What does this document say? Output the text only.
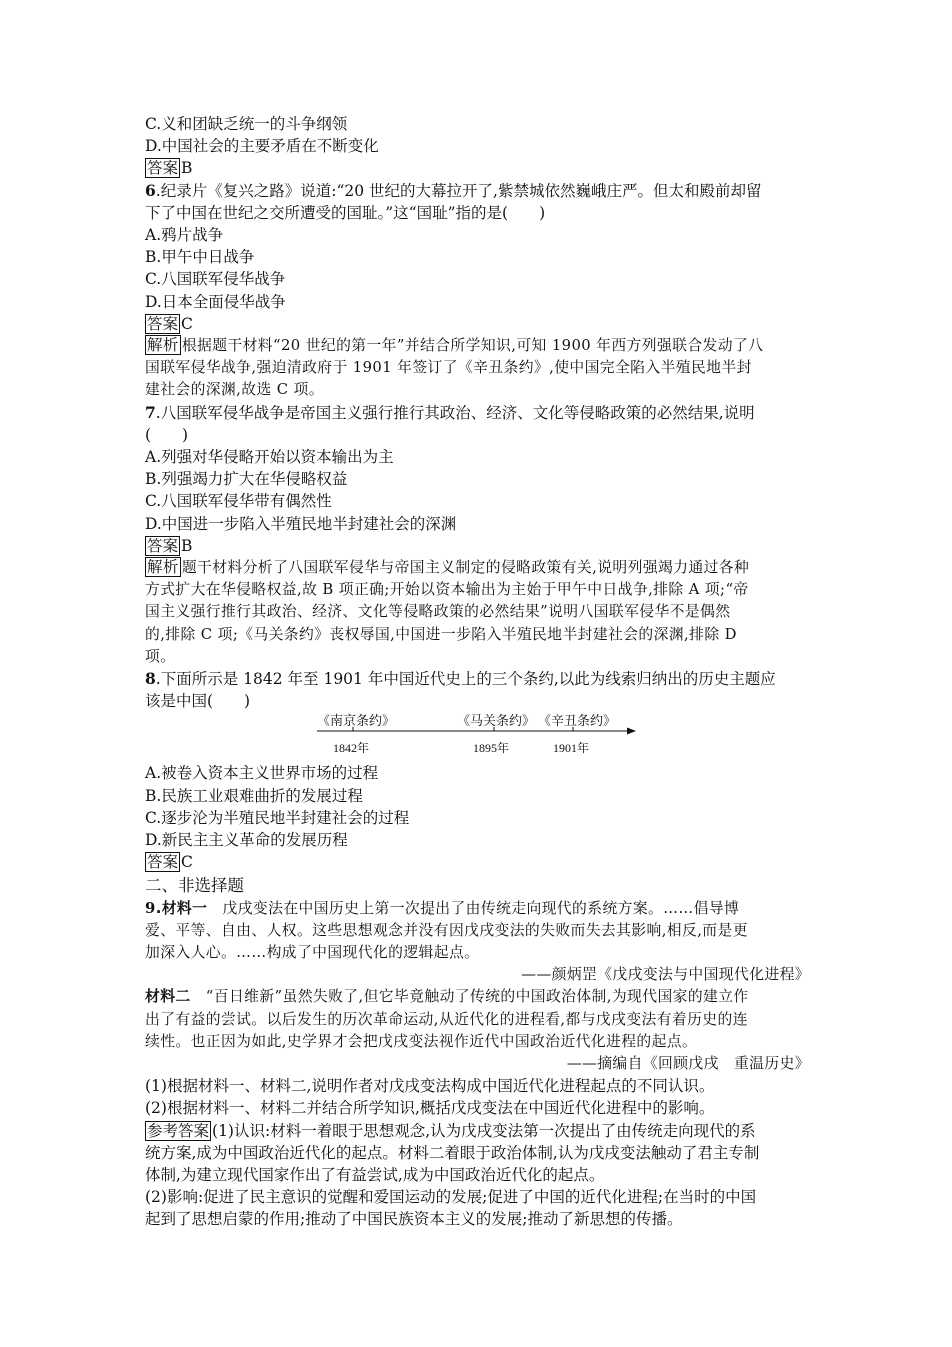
C.义和团缺乏统一的斗争纲领
D.中国社会的主要矛盾在不断变化
答案 B
6.纪录片《复兴之路》说道:“20 世纪的大幕拉开了,紫禁城依然巍峨庄严。但太和殿前却留
下了中国在世纪之交所遭受的国耻。”这“国耻”指的是(　　)
A.鸦片战争
B.甲午中日战争
C.八国联军侵华战争
D.日本全面侵华战争
答案 C
解析 根据题干材料“20 世纪的第一年”并结合所学知识,可知 1900 年西方列强联合发动了八
国联军侵华战争,强迫清政府于 1901 年签订了《辛丑条约》,使中国完全陷入半殖民地半封
建社会的深渊,故选 C 项。
7.八国联军侵华战争是帝国主义强行推行其政治、经济、文化等侵略政策的必然结果,说明
(　　)
A.列强对华侵略开始以资本输出为主
B.列强竭力扩大在华侵略权益
C.八国联军侵华带有偶然性
D.中国进一步陷入半殖民地半封建社会的深渊
答案 B
解析 题干材料分析了八国联军侵华与帝国主义制定的侵略政策有关,说明列强竭力通过各种
方式扩大在华侵略权益,故 B 项正确;开始以资本输出为主始于甲午中日战争,排除 A 项;“帝
国主义强行推行其政治、经济、文化等侵略政策的必然结果”说明八国联军侵华不是偶然
的,排除 C 项;《马关条约》丧权辱国,中国进一步陷入半殖民地半封建社会的深渊,排除 D
项。
8.下面所示是 1842 年至 1901 年中国近代史上的三个条约,以此为线索归纳出的历史主题应
该是中国(　　)
《南京条约》	《马关条约》 《辛丑条约》
1842年	1895年	1901年
A.被卷入资本主义世界市场的过程
B.民族工业艰难曲折的发展过程
C.逐步沦为半殖民地半封建社会的过程
D.新民主主义革命的发展历程
答案 C
二、非选择题
9.材料一　戊戌变法在中国历史上第一次提出了由传统走向现代的系统方案。……倡导博
爱、平等、自由、人权。这些思想观念并没有因戊戌变法的失败而失去其影响,相反,而是更
加深入人心。……构成了中国现代化的逻辑起点。
——颜炳罡《戊戌变法与中国现代化进程》
材料二　“百日维新”虽然失败了,但它毕竟触动了传统的中国政治体制,为现代国家的建立作
出了有益的尝试。以后发生的历次革命运动,从近代化的进程看,都与戊戌变法有着历史的连
续性。也正因为如此,史学界才会把戊戌变法视作近代中国政治近代化进程的起点。
——摘编自《回顾戊戌　重温历史》
(1)根据材料一、材料二,说明作者对戊戌变法构成中国近代化进程起点的不同认识。
(2)根据材料一、材料二并结合所学知识,概括戊戌变法在中国近代化进程中的影响。
参考答案 (1)认识:材料一着眼于思想观念,认为戊戌变法第一次提出了由传统走向现代的系
统方案,成为中国政治近代化的起点。材料二着眼于政治体制,认为戊戌变法触动了君主专制
体制,为建立现代国家作出了有益尝试,成为中国政治近代化的起点。
(2)影响:促进了民主意识的觉醒和爱国运动的发展;促进了中国的近代化进程;在当时的中国
起到了思想启蒙的作用;推动了中国民族资本主义的发展;推动了新思想的传播。
